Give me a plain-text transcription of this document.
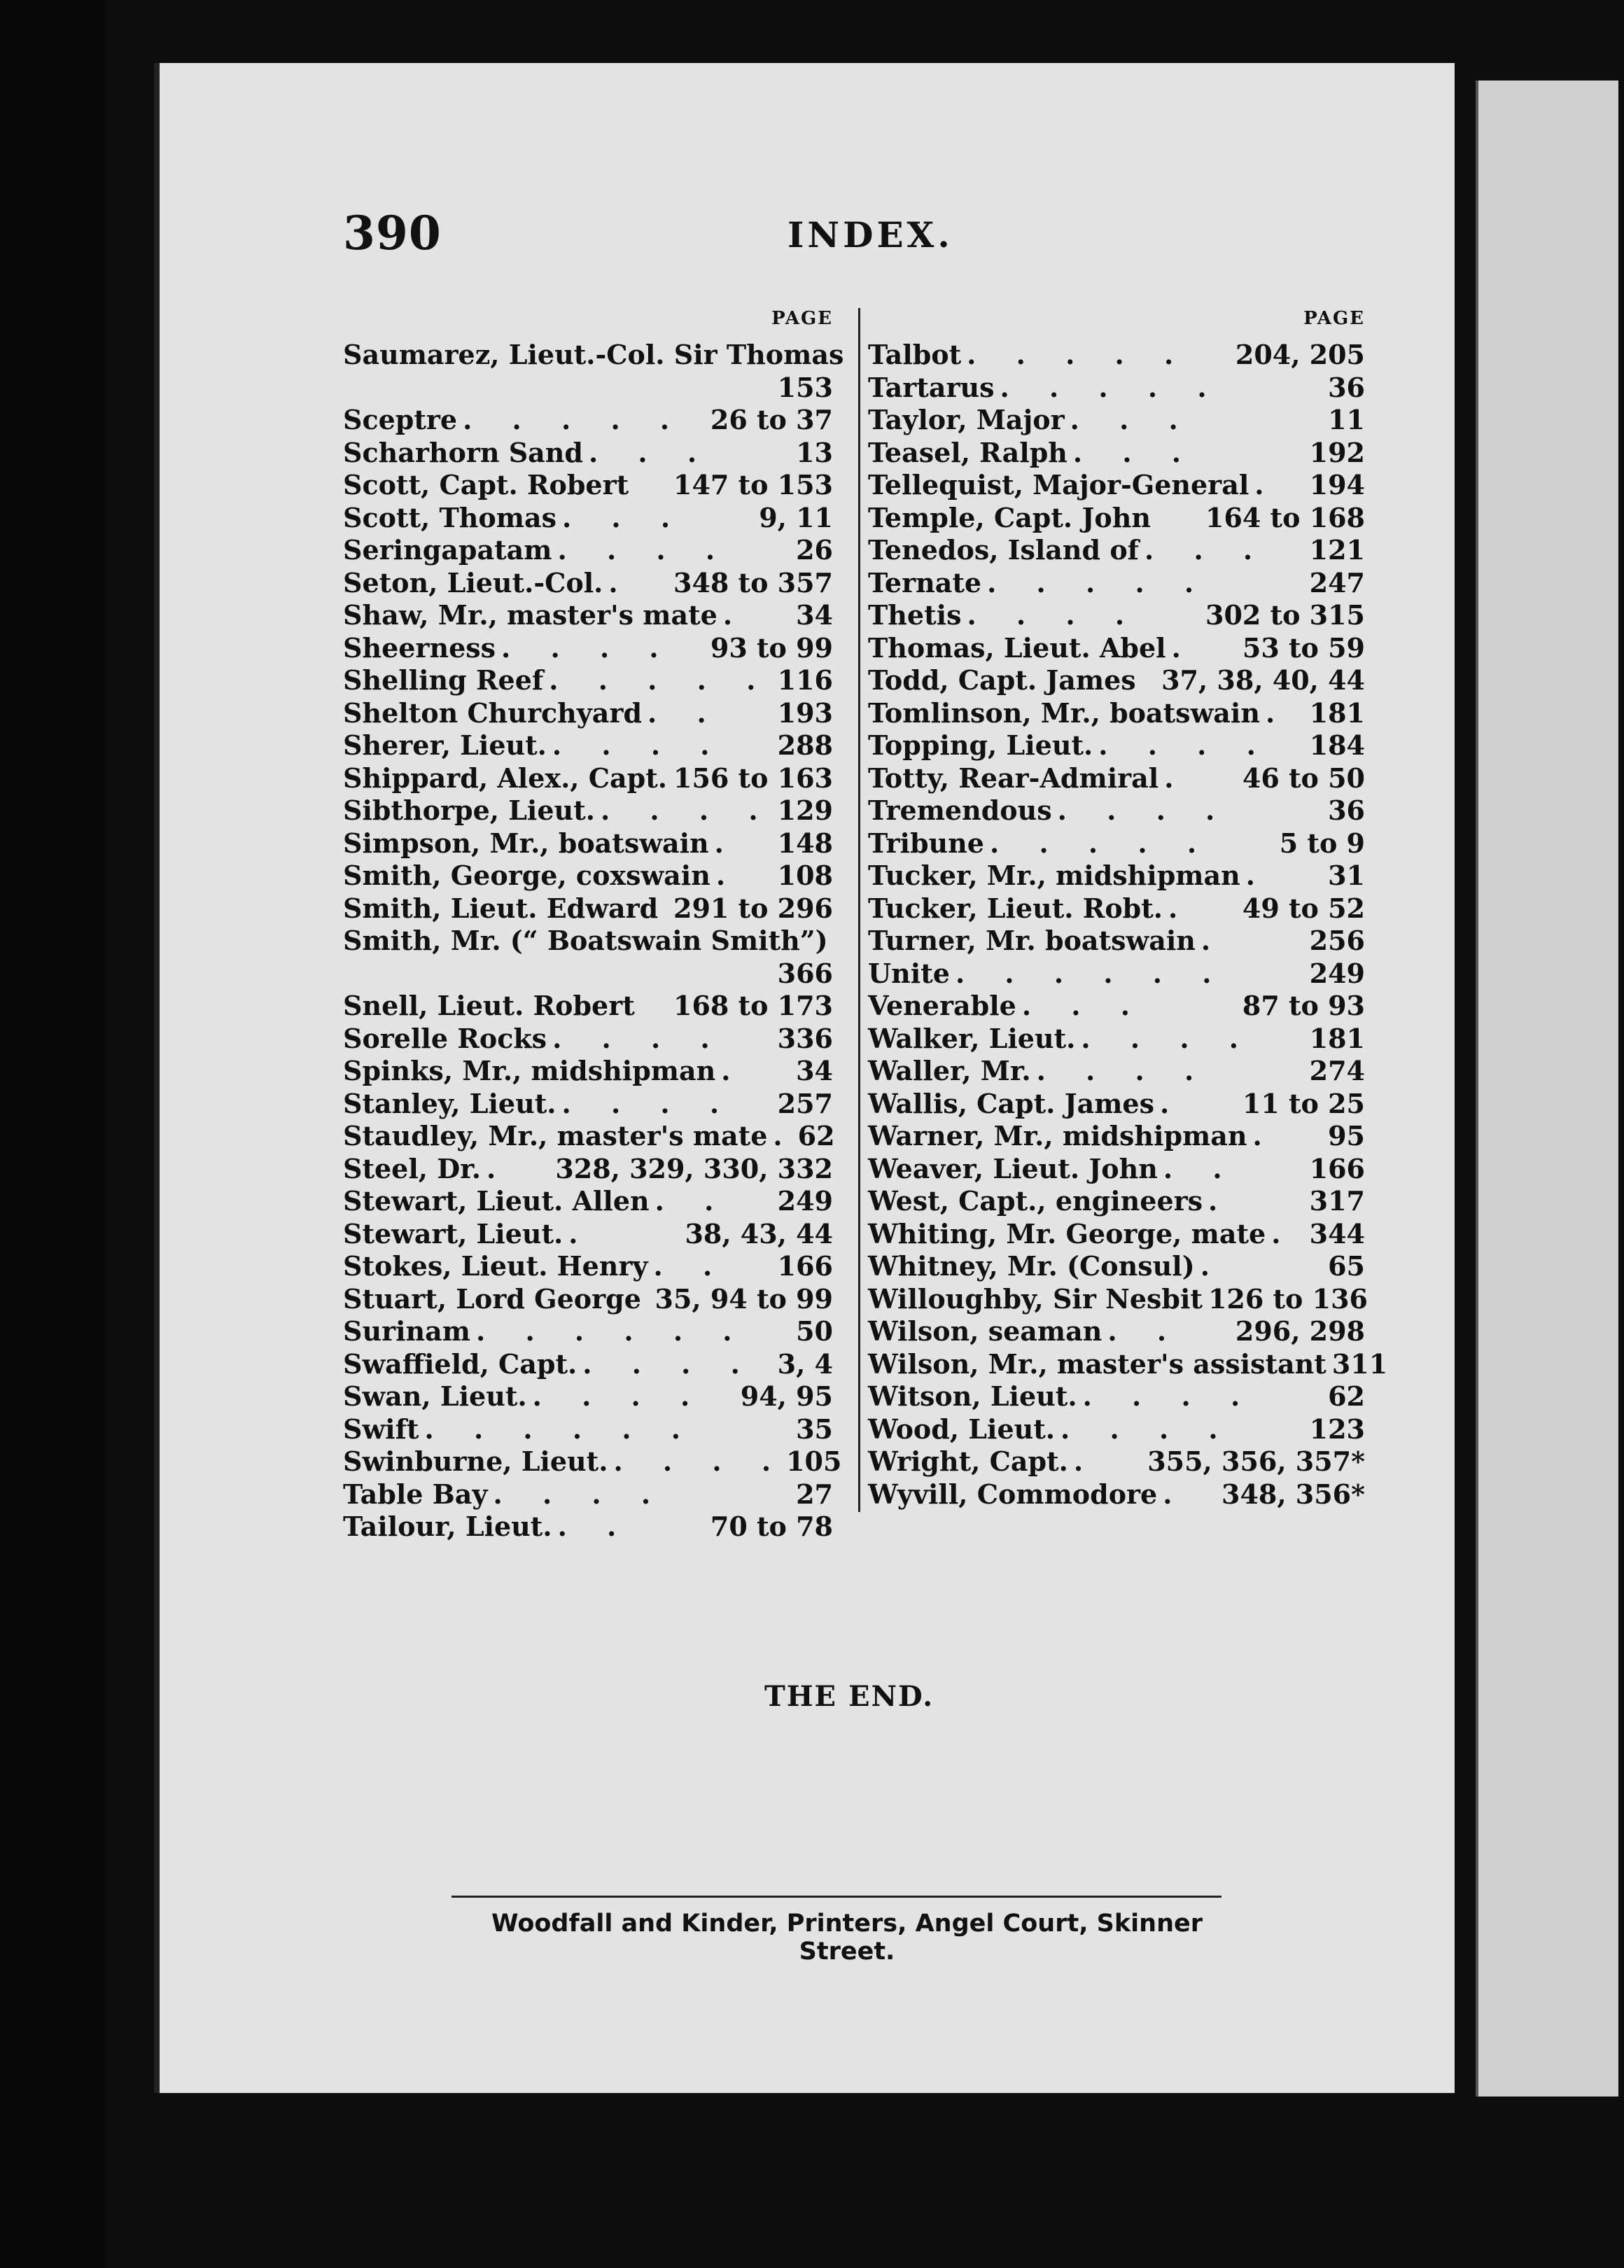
390	INDEX.
PAGE
Saumarez, Lieut.-Col. Sir Thomas
153
Sceptre . . . . . 26 to 37
Scharhorn Sand . . .	13
Scott, Capt. Robert 147 to 153
Scott, Thomas . . .	9, 11
Seringapatam . . . .	26
Seton, Lieut.-Col. .	348 to 357
Shaw, Mr., master's mate .	34
Sheerness . . . .	93 to 99
Shelling Reef . . . . . 116
Shelton Churchyard . .	193
Sherer, Lieut. . . . .	288
Shippard, Alex., Capt. 156 to 163
Sibthorpe, Lieut. . . . . 129
Simpson, Mr., boatswain .	148
Smith, George, coxswain .	108
Smith, Lieut. Edward 291 to 296
Smith, Mr. (“ Boatswain Smith”)
366
Snell, Lieut. Robert 168 to 173
Sorelle Rocks . . . .	336
Spinks, Mr., midshipman .	34
Stanley, Lieut. . . . .	257
Staudley, Mr., master's mate . 62
Steel, Dr. .	328, 329, 330, 332
Stewart, Lieut. Allen . .	249
Stewart, Lieut. .	38, 43, 44
Stokes, Lieut. Henry . .	166
Stuart, Lord George 35, 94 to 99
Surinam . . . . . .	50
Swaffield, Capt. . . . . 3, 4
Swan, Lieut. . . . .	94, 95
Swift . . . . . .	35
Swinburne, Lieut. . . . . 105
Table Bay . . . .	27
Tailour, Lieut. . .	70 to 78
PAGE
Talbot . . . . .	204, 205
Tartarus . . . . .	36
Taylor, Major . . .	11
Teasel, Ralph . . .	192
Tellequist, Major-General .	194
Temple, Capt. John 164 to 168
Tenedos, Island of . . .	121
Ternate . . . . .	247
Thetis . . . .	302 to 315
Thomas, Lieut. Abel .	53 to 59
Todd, Capt. James 37, 38, 40, 44
Tomlinson, Mr., boatswain . 181
Topping, Lieut. . . . .	184
Totty, Rear-Admiral .	46 to 50
Tremendous . . . .	36
Tribune . . . . .	5 to 9
Tucker, Mr., midshipman .	31
Tucker, Lieut. Robt. .	49 to 52
Turner, Mr. boatswain .	256
Unite . . . . . .	249
Venerable . . .	87 to 93
Walker, Lieut. . . . .	181
Waller, Mr. . . . .	274
Wallis, Capt. James .	11 to 25
Warner, Mr., midshipman .	95
Weaver, Lieut. John . .	166
West, Capt., engineers .	317
Whiting, Mr. George, mate . 344
Whitney, Mr. (Consul) .	65
Willoughby, Sir Nesbit 126 to 136
Wilson, seaman . .	296, 298
Wilson, Mr., master's assistant 311
Witson, Lieut. . . . .	62
Wood, Lieut. . . . .	123
Wright, Capt. .	355, 356, 357*
Wyvill, Commodore .	348, 356*
THE END.
Woodfall and Kinder, Printers, Angel Court, Skinner Street.
